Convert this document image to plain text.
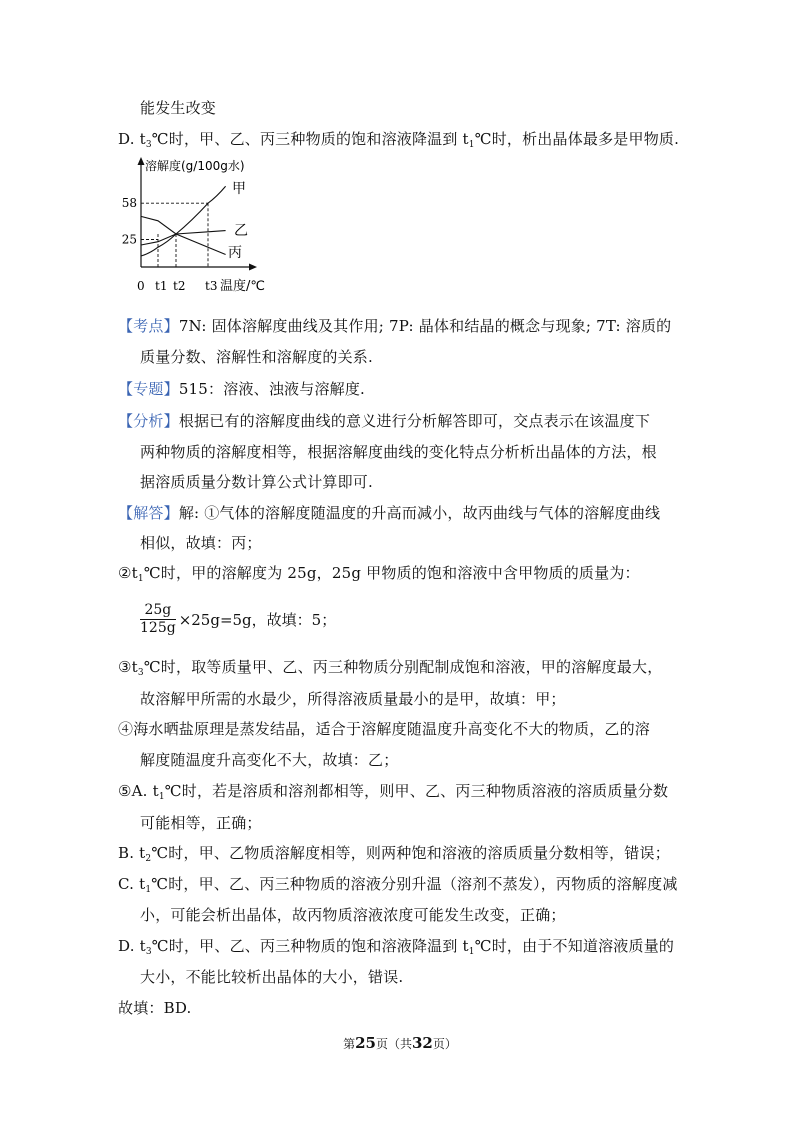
能发生改变
D. $t_3℃$时，甲、乙、丙三种物质的饱和溶液降温到 $t_1℃$时，析出晶体最多是甲物质.
溶解度(g/100g水)
温度/℃
25
58
0 t1 t2 t3
甲
乙
丙
【考点】7N: 固体溶解度曲线及其作用; 7P: 晶体和结晶的概念与现象; 7T: 溶质的
质量分数、溶解性和溶解度的关系.
【专题】515：溶液、浊液与溶解度.
【分析】根据已有的溶解度曲线的意义进行分析解答即可，交点表示在该温度下
两种物质的溶解度相等，根据溶解度曲线的变化特点分析析出晶体的方法，根
据溶质质量分数计算公式计算即可.
【解答】解: ①气体的溶解度随温度的升高而减小，故丙曲线与气体的溶解度曲线
相似，故填：丙；
$②t_1℃$时，甲的溶解度为 25g，25g 甲物质的饱和溶液中含甲物质的质量为：
$\frac{25g}{125g} \times 25g=5g$，故填：5；
$③t_3℃$时，取等质量甲、乙、丙三种物质分别配制成饱和溶液，甲的溶解度最大，
故溶解甲所需的水最少，所得溶液质量最小的是甲，故填：甲；
④海水晒盐原理是蒸发结晶，适合于溶解度随温度升高变化不大的物质，乙的溶
解度随温度升高变化不大，故填：乙；
⑤A. $t_1℃$时，若是溶质和溶剂都相等，则甲、乙、丙三种物质溶液的溶质质量分数
可能相等，正确；
B. $t_2℃$时，甲、乙物质溶解度相等，则两种饱和溶液的溶质质量分数相等，错误；
C. $t_1℃$时，甲、乙、丙三种物质的溶液分别升温（溶剂不蒸发），丙物质的溶解度减
小，可能会析出晶体，故丙物质溶液浓度可能发生改变，正确；
D. $t_3℃$时，甲、乙、丙三种物质的饱和溶液降温到 $t_1℃$时，由于不知道溶液质量的
大小，不能比较析出晶体的大小，错误.
故填：BD.
第25页（共32页）
